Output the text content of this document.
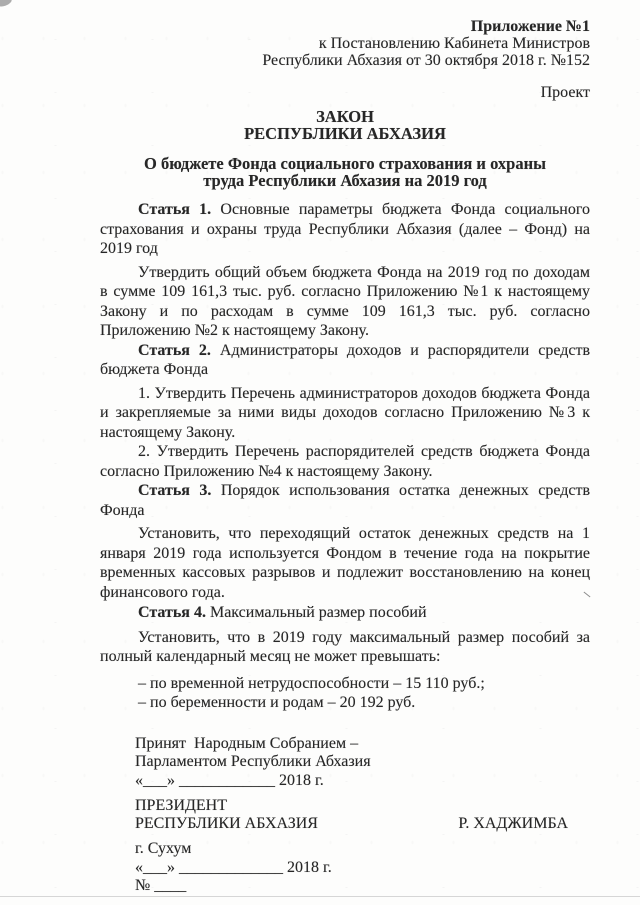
Приложение №1
к Постановлению Кабинета Министров
Республики Абхазия от 30 октября 2018 г. №152
Проект
ЗАКОН
РЕСПУБЛИКИ АБХАЗИЯ
О бюджете Фонда социального страхования и охраны труда Республики Абхазия на 2019 год

Статья 1. Основные параметры бюджета Фонда социального страхования и охраны труда Республики Абхазия (далее – Фонд) на 2019 год

Утвердить общий объем бюджета Фонда на 2019 год по доходам в сумме 109 161,3 тыс. руб. согласно Приложению №1 к настоящему Закону и по расходам в сумме 109 161,3 тыс. руб. согласно Приложению №2 к настоящему Закону.

Статья 2. Администраторы доходов и распорядители средств бюджета Фонда

1. Утвердить Перечень администраторов доходов бюджета Фонда и закрепляемые за ними виды доходов согласно Приложению №3 к настоящему Закону.

2. Утвердить Перечень распорядителей средств бюджета Фонда согласно Приложению №4 к настоящему Закону.

Статья 3. Порядок использования остатка денежных средств Фонда

Установить, что переходящий остаток денежных средств на 1 января 2019 года используется Фондом в течение года на покрытие временных кассовых разрывов и подлежит восстановлению на конец финансового года.

Статья 4. Максимальный размер пособий

Установить, что в 2019 году максимальный размер пособий за полный календарный месяц не может превышать:

– по временной нетрудоспособности – 15 110 руб.;
– по беременности и родам – 20 192 руб.
Принят  Народным Собранием –
Парламентом Республики Абхазия
«___» ____________ 2018 г.
ПРЕЗИДЕНТ
РЕСПУБЛИКИ АБХАЗИЯ	Р. ХАДЖИМБА
г. Сухум
«___» _____________ 2018 г.
№ ____
